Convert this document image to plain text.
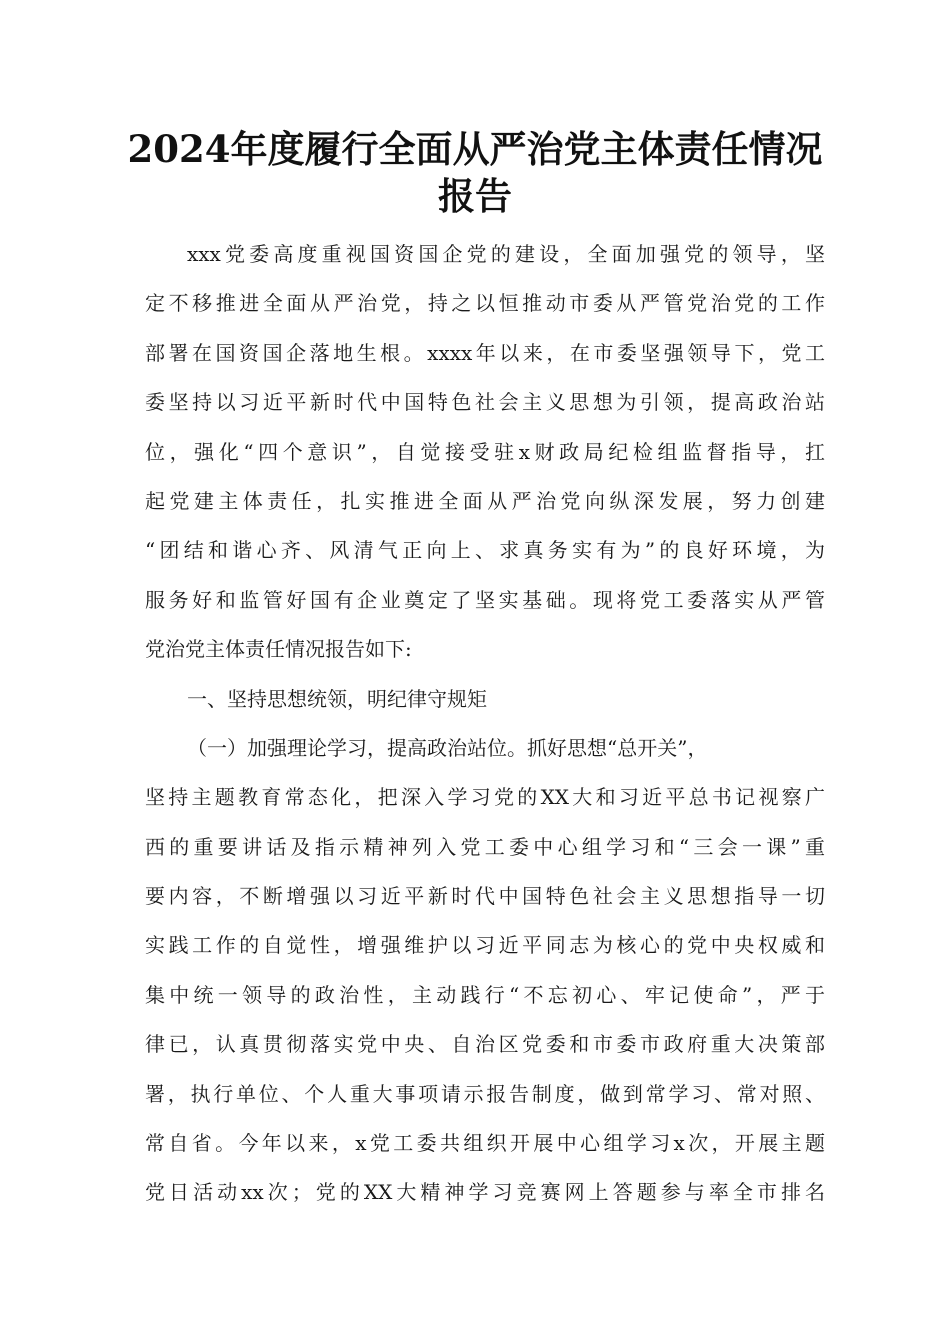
2024年度履行全面从严治党主体责任情况
报告
xxx党委高度重视国资国企党的建设，全面加强党的领导，坚
定不移推进全面从严治党，持之以恒推动市委从严管党治党的工作
部署在国资国企落地生根。xxxx年以来，在市委坚强领导下，党工
委坚持以习近平新时代中国特色社会主义思想为引领，提高政治站
位，强化“四个意识”，自觉接受驻x财政局纪检组监督指导，扛
起党建主体责任，扎实推进全面从严治党向纵深发展，努力创建
“团结和谐心齐、风清气正向上、求真务实有为”的良好环境，为
服务好和监管好国有企业奠定了坚实基础。现将党工委落实从严管
党治党主体责任情况报告如下:
一、坚持思想统领，明纪律守规矩
（一）加强理论学习，提高政治站位。抓好思想“总开关”，
坚持主题教育常态化，把深入学习党的XX大和习近平总书记视察广
西的重要讲话及指示精神列入党工委中心组学习和“三会一课”重
要内容，不断增强以习近平新时代中国特色社会主义思想指导一切
实践工作的自觉性，增强维护以习近平同志为核心的党中央权威和
集中统一领导的政治性，主动践行“不忘初心、牢记使命”，严于
律已，认真贯彻落实党中央、自治区党委和市委市政府重大决策部
署，执行单位、个人重大事项请示报告制度，做到常学习、常对照、
常自省。今年以来，x党工委共组织开展中心组学习x次，开展主题
党日活动xx次；党的XX大精神学习竞赛网上答题参与率全市排名
